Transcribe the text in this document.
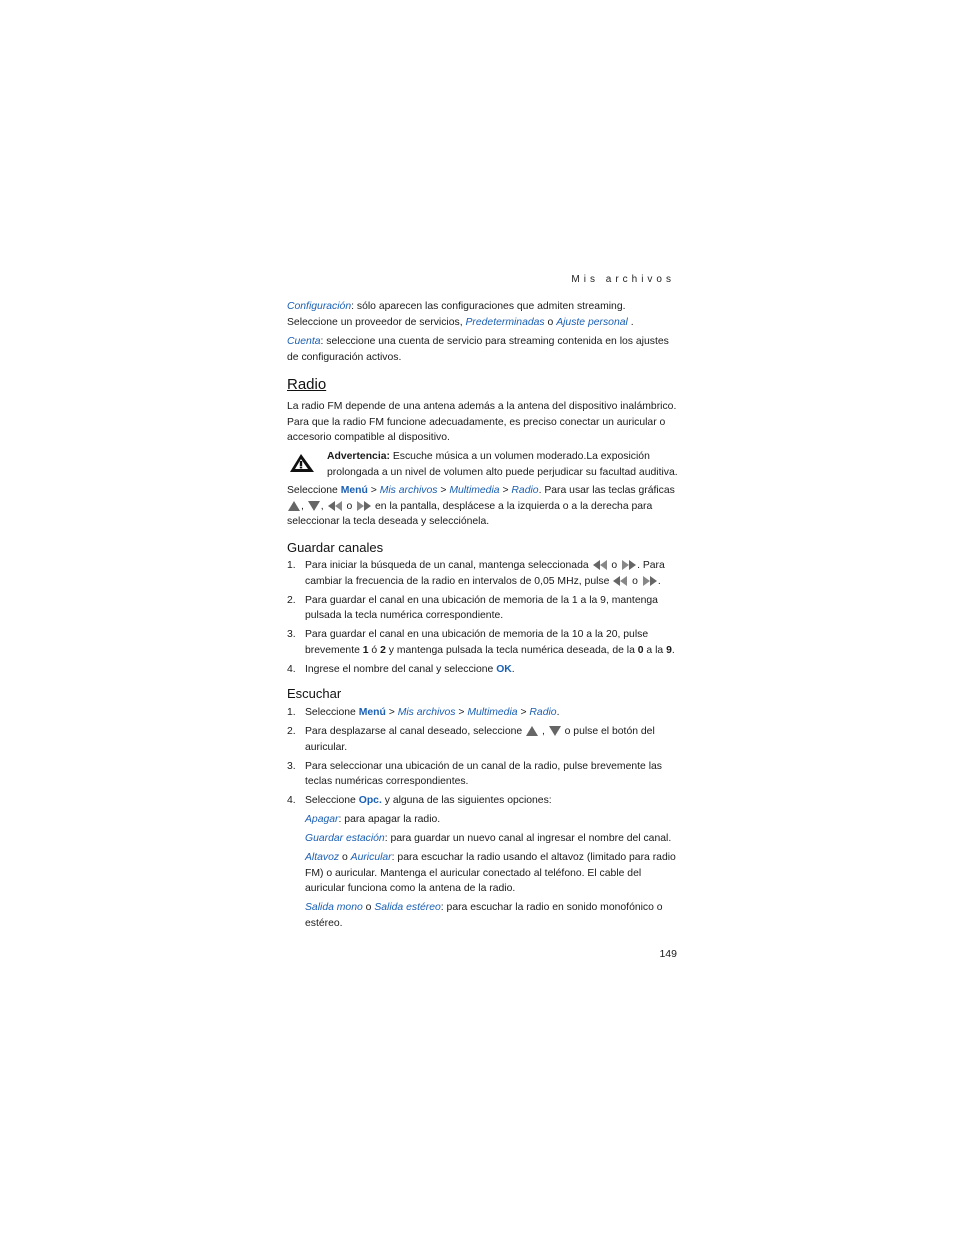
Mis archivos
Configuración: sólo aparecen las configuraciones que admiten streaming. Seleccione un proveedor de servicios, Predeterminadas o Ajuste personal .
Cuenta: seleccione una cuenta de servicio para streaming contenida en los ajustes de configuración activos.
Radio
La radio FM depende de una antena además a la antena del dispositivo inalámbrico. Para que la radio FM funcione adecuadamente, es preciso conectar un auricular o accesorio compatible al dispositivo.
Advertencia: Escuche música a un volumen moderado.La exposición prolongada a un nivel de volumen alto puede perjudicar su facultad auditiva.
Seleccione Menú > Mis archivos > Multimedia > Radio. Para usar las teclas gráficas
, ,  o  en la pantalla, desplácese a la izquierda o a la derecha para seleccionar la tecla deseada y selecciónela.
Guardar canales
1. Para iniciar la búsqueda de un canal, mantenga seleccionada  o . Para cambiar la frecuencia de la radio en intervalos de 0,05 MHz, pulse  o .
2. Para guardar el canal en una ubicación de memoria de la 1 a la 9, mantenga pulsada la tecla numérica correspondiente.
3. Para guardar el canal en una ubicación de memoria de la 10 a la 20, pulse brevemente 1 ó 2 y mantenga pulsada la tecla numérica deseada, de la 0 a la 9.
4. Ingrese el nombre del canal y seleccione OK.
Escuchar
1. Seleccione Menú > Mis archivos > Multimedia > Radio.
2. Para desplazarse al canal deseado, seleccione  ,  o pulse el botón del auricular.
3. Para seleccionar una ubicación de un canal de la radio, pulse brevemente las teclas numéricas correspondientes.
4. Seleccione Opc. y alguna de las siguientes opciones:
Apagar: para apagar la radio.
Guardar estación: para guardar un nuevo canal al ingresar el nombre del canal.
Altavoz o Auricular: para escuchar la radio usando el altavoz (limitado para radio FM) o auricular. Mantenga el auricular conectado al teléfono. El cable del auricular funciona como la antena de la radio.
Salida mono o Salida estéreo: para escuchar la radio en sonido monofónico o estéreo.
149
